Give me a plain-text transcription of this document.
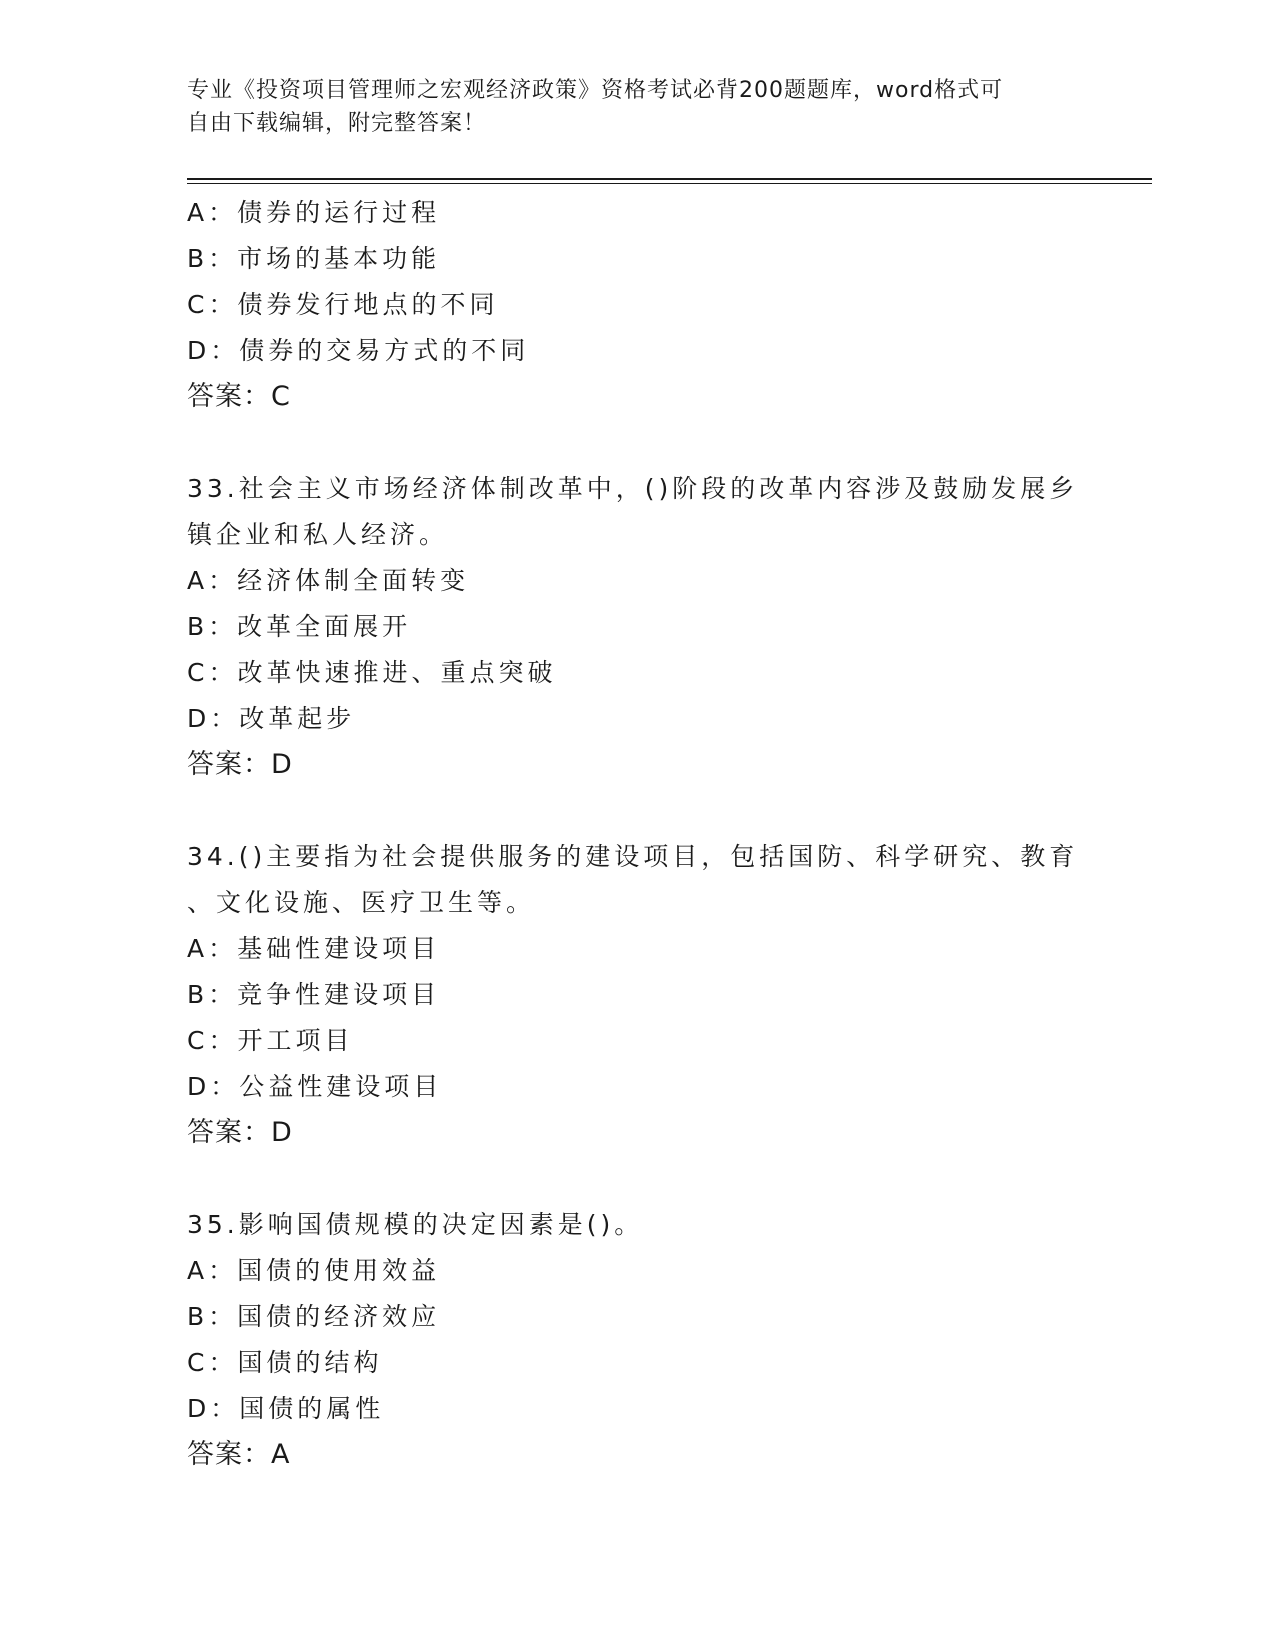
专业《投资项目管理师之宏观经济政策》资格考试必背200题题库，word格式可
自由下载编辑，附完整答案！
A：债券的运行过程
B：市场的基本功能
C：债券发行地点的不同
D：债券的交易方式的不同
答案：C
33.社会主义市场经济体制改革中，()阶段的改革内容涉及鼓励发展乡
镇企业和私人经济。
A：经济体制全面转变
B：改革全面展开
C：改革快速推进、重点突破
D：改革起步
答案：D
34.()主要指为社会提供服务的建设项目，包括国防、科学研究、教育
、文化设施、医疗卫生等。
A：基础性建设项目
B：竞争性建设项目
C：开工项目
D：公益性建设项目
答案：D
35.影响国债规模的决定因素是()。
A：国债的使用效益
B：国债的经济效应
C：国债的结构
D：国债的属性
答案：A
